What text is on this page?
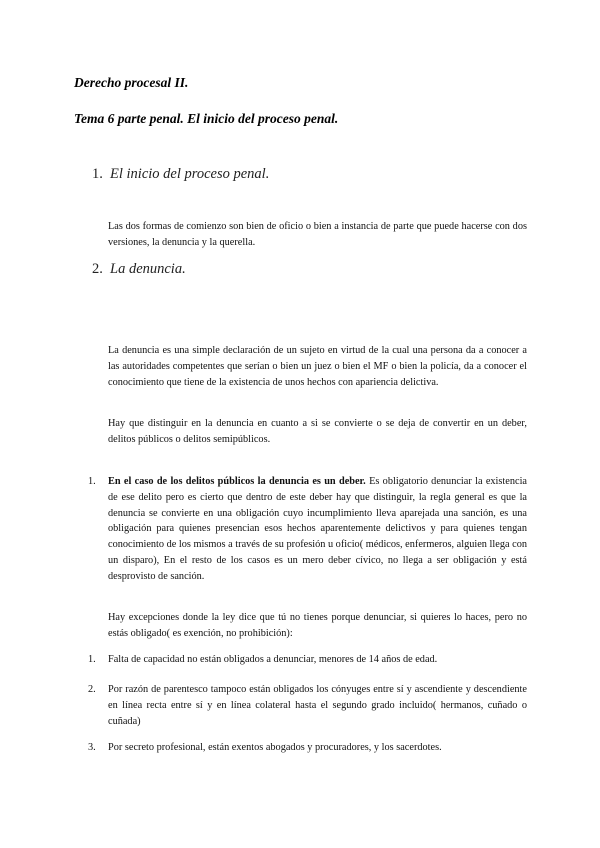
Derecho procesal II.
Tema 6 parte penal. El inicio del proceso penal.
1. El inicio del proceso penal.

Las dos formas de comienzo son bien de oficio o bien a instancia de parte que puede hacerse con dos versiones, la denuncia y la querella.

2. La denuncia.

La denuncia es una simple declaración de un sujeto en virtud de la cual una persona da a conocer a las autoridades competentes que serían o bien un juez o bien el MF o bien la policía, da a conocer el conocimiento que tiene de la existencia de unos hechos con apariencia delictiva.

Hay que distinguir en la denuncia en cuanto a si se convierte o se deja de convertir en un deber, delitos públicos o delitos semipúblicos.

1. En el caso de los delitos públicos la denuncia es un deber. Es obligatorio denunciar la existencia de ese delito pero es cierto que dentro de este deber hay que distinguir, la regla general es que la denuncia se convierte en una obligación cuyo incumplimiento lleva aparejada una sanción, es una obligación para quienes presencian esos hechos aparentemente delictivos y para quienes tengan conocimiento de los mismos a través de su profesión u oficio( médicos, enfermeros, alguien llega con un disparo), En el resto de los casos es un mero deber cívico, no llega a ser obligación y está desprovisto de sanción.

Hay excepciones donde la ley dice que tú no tienes porque denunciar, si quieres lo haces, pero no estás obligado( es exención, no prohibición):

1. Falta de capacidad no están obligados a denunciar, menores de 14 años de edad.
2. Por razón de parentesco tampoco están obligados los cónyuges entre sí y ascendiente y descendiente en línea recta entre sí y en línea colateral hasta el segundo grado incluido( hermanos, cuñado o cuñada)
3. Por secreto profesional, están exentos abogados y procuradores, y los sacerdotes.
